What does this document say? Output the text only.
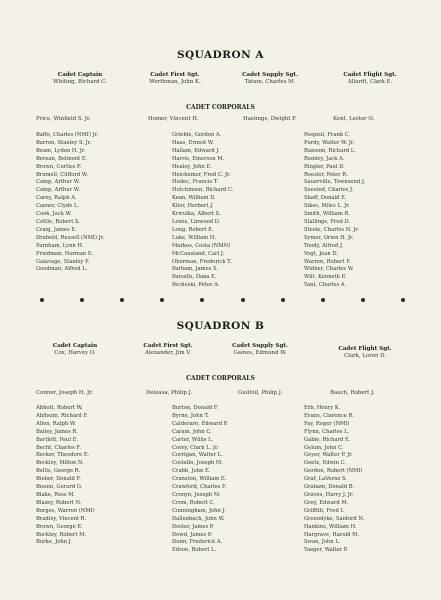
SQUADRON A
Cadet Captain
Whiting, Richard C.
Cadet First Sgt.
Werthman, John K.
Cadet Supply Sgt.
Tatum, Charles M.
Cadet Flight Sgt.
Allardt, Clark E.
CADET CORPORALS
Price, Winfield S. Jr.	Homer, Vincent H.	Hastings, Dwight F.	Kent, Lester O.
Baffo, Charles (NMI) Jr.
Barron, Stanley S. Jr.
Beam, Lydon H. Jr.
Berean, Belmont E.
Brown, Curtiss F.
Brumell, Clifford W.
Camp, Arthur W.
Camp, Arthur W.
Carey, Ralph A.
Casner, Clyde L.
Cook, Jack W.
Cottle, Robert S.
Craig, James E.
Drabold, Russell (NMI) Jr.
Farnham, Lynn H.
Friedman, Norman E.
Galavage, Stanley F.
Goodman, Alfred L.
Griehle, Gordon A.
Haas, Ernest W.
Hallam, Edward J.
Harris, Emerson M.
Healey, John E.
Heichemer, Fred C. Jr.
Hudec, Francis T.
Hutchinson, Richard C.
Kean, William D.
Klier, Herbert J.
Krivulka, Albert S.
Lewis, Linwood D.
Long, Robert E.
Luke, William H.
Markos, Costa (NMN)
McCausland, Carl J.
Oberman, Frederick T.
Parham, James S.
Parsells, Dana E.
Pechoski, Peter A.
Pospisil, Frank C.
Purdy, Walter W. Jr.
Ransom, Richard L.
Remley, Jack A.
Ringler, Paul D.
Roesler, Peter R.
Sauerville, Townsend J.
Seested, Charles J.
Shaff, Donald E.
Sikes, Miles L. Jr.
Smith, William R.
Stallings, Fred D.
Steele, Charles N. Jr.
Symer, Orien H. Jr.
Toody, Alfred J.
Vogt, Jean D.
Warren, Robert F.
Widner, Charles W.
Wilt, Kenneth E.
Yant, Charles A.
SQUADRON B
Cadet Captain
Cox, Harvey O.
Cadet First Sgt.
Alexander, Jim V.
Cadet Supply Sgt.
Gaines, Edmund W.
Cadet Flight Sgt.
Clark, Loren D.
CADET CORPORALS
Conner, Joseph H. Jr.	Deleasa, Philip J.	Guilfoil, Philip J.	Bauch, Robert J.
Abbott, Robert W.
Ahlheim, Richard F.
Allen, Ralph W.
Bailey, James R.
Bartlett, Paul E.
Becht, Charles F.
Becker, Theodore E.
Beckley, Milton N.
Bellis, George R.
Bieber, Donald F.
Bisson, Gerard G.
Blake, Ross M.
Blazey, Robert N.
Borges, Warren (NMI)
Bradley, Vincent R.
Brown, George E.
Buckley, Robert M.
Burke, John J.
Burton, Donald F.
Byrne, John T.
Calderaro, Edward P.
Caram, John C.
Carter, Willis L.
Corey, Clark L. Jr.
Corrigan, Walter L.
Costello, Joseph M.
Crabb, John E.
Cranston, William E.
Crawford, Charles F.
Cronyn, Joseph M.
Crom, Robert C.
Cunningham, John J.
Dallenbach, John W.
Doster, James P.
Dowd, James P.
Dunn, Frederick A.
Edson, Robert L.
Erb, Henry K.
Evans, Clarence R.
Fay, Roger (NMI)
Flynn, Charles L.
Gable, Richard E.
Gelum, John C.
Geyer, Walter P. Jr.
Goetz, Edwin C.
Gordon, Robert (NMI)
Graf, LaVerne S.
Graham, Donald B.
Graves, Harry J. Jr.
Grey, Edward M.
Griffith, Fred I.
Groendyke, Sanford N.
Hankins, William H.
Hargrave, Harold M.
Swan, John L.
Yaeger, Walter P.
